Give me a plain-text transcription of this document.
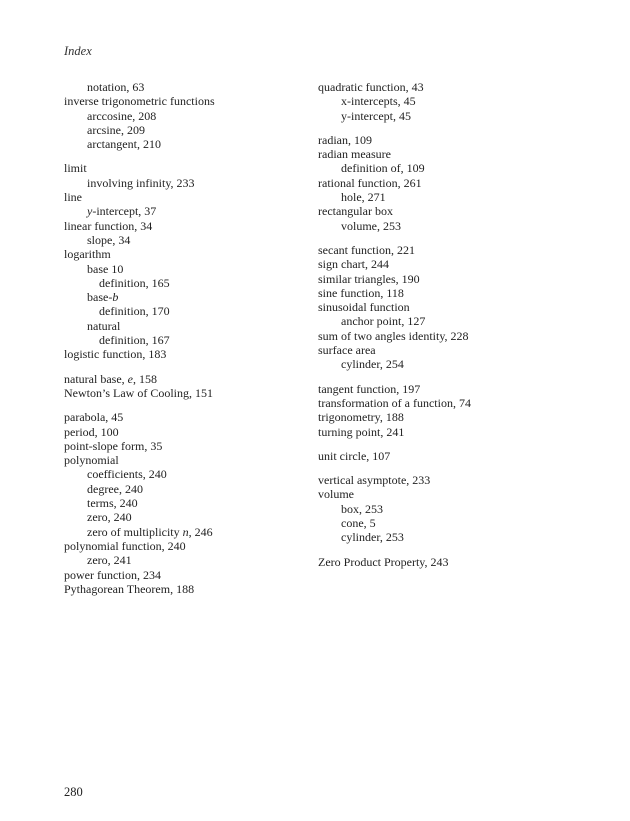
Index
notation, 63
inverse trigonometric functions
arccosine, 208
arcsine, 209
arctangent, 210
limit
involving infinity, 233
line
y-intercept, 37
linear function, 34
slope, 34
logarithm
base 10
definition, 165
base-b
definition, 170
natural
definition, 167
logistic function, 183
natural base, e, 158
Newton’s Law of Cooling, 151
parabola, 45
period, 100
point-slope form, 35
polynomial
coefficients, 240
degree, 240
terms, 240
zero, 240
zero of multiplicity n, 246
polynomial function, 240
zero, 241
power function, 234
Pythagorean Theorem, 188
quadratic function, 43
x-intercepts, 45
y-intercept, 45
radian, 109
radian measure
definition of, 109
rational function, 261
hole, 271
rectangular box
volume, 253
secant function, 221
sign chart, 244
similar triangles, 190
sine function, 118
sinusoidal function
anchor point, 127
sum of two angles identity, 228
surface area
cylinder, 254
tangent function, 197
transformation of a function, 74
trigonometry, 188
turning point, 241
unit circle, 107
vertical asymptote, 233
volume
box, 253
cone, 5
cylinder, 253
Zero Product Property, 243
280
